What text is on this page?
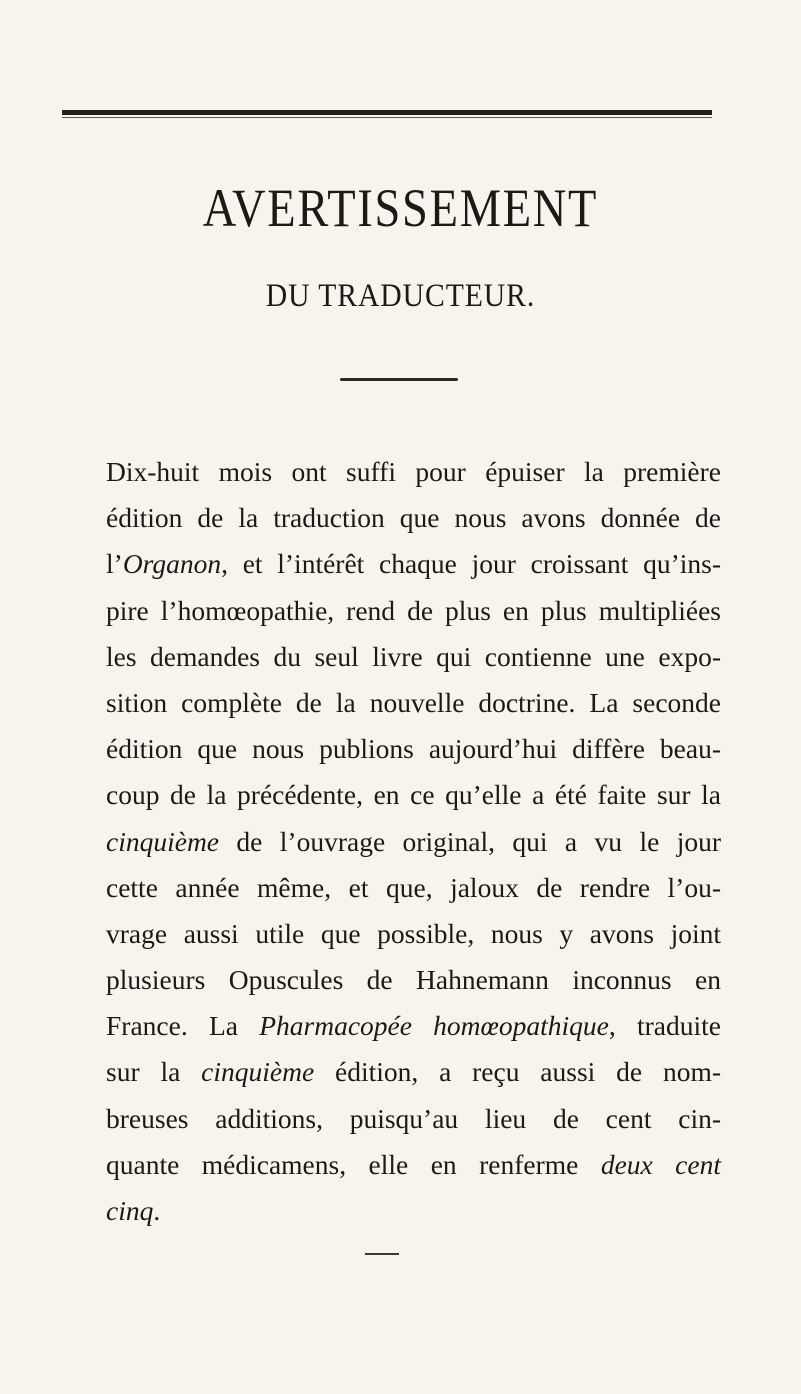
AVERTISSEMENT
DU TRADUCTEUR.
Dix-huit mois ont suffi pour épuiser la première
édition de la traduction que nous avons donnée de
l’Organon, et l’intérêt chaque jour croissant qu’ins-
pire l’homœopathie, rend de plus en plus multipliées
les demandes du seul livre qui contienne une expo-
sition complète de la nouvelle doctrine. La seconde
édition que nous publions aujourd’hui diffère beau-
coup de la précédente, en ce qu’elle a été faite sur la
cinquième de l’ouvrage original, qui a vu le jour
cette année même, et que, jaloux de rendre l’ou-
vrage aussi utile que possible, nous y avons joint
plusieurs Opuscules de Hahnemann inconnus en
France. La Pharmacopée homœopathique, traduite
sur la cinquième édition, a reçu aussi de nom-
breuses additions, puisqu’au lieu de cent cin-
quante médicamens, elle en renferme deux cent
cinq.
